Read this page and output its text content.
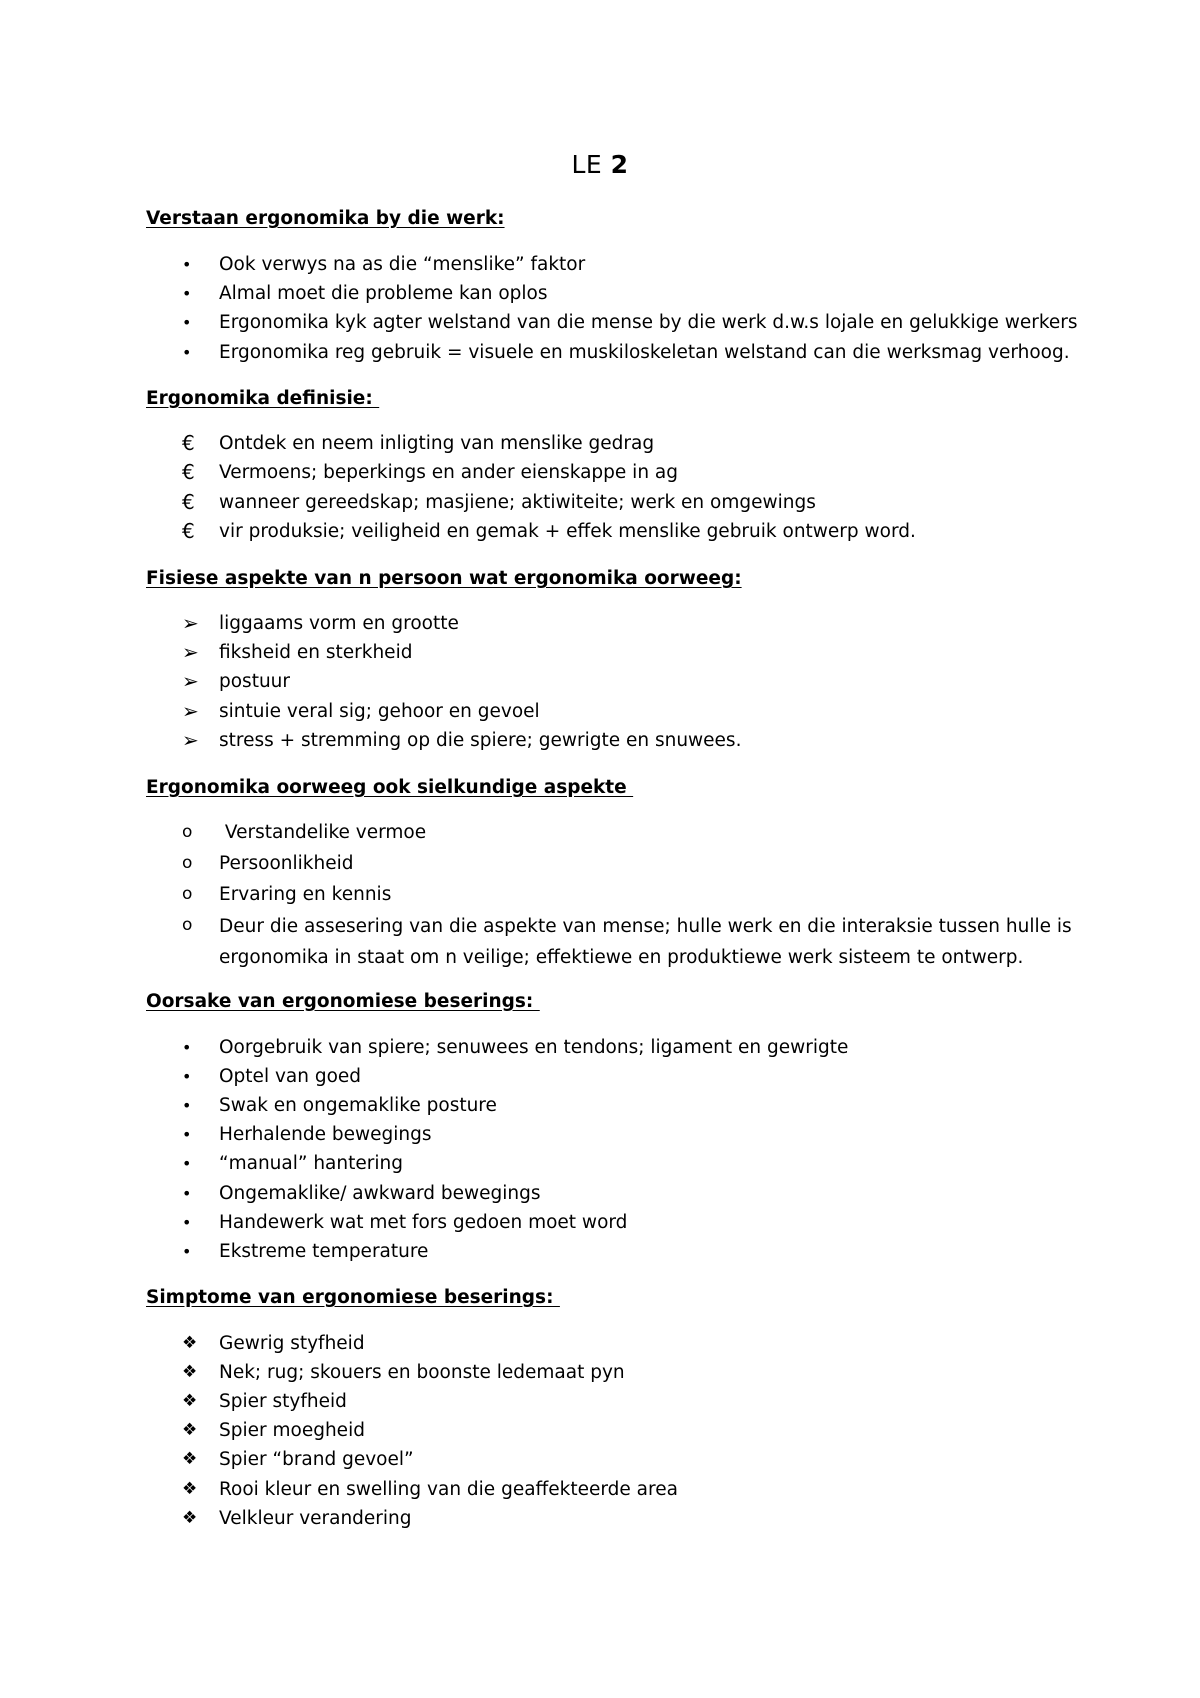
LE 2
Verstaan ergonomika by die werk:
•	Ook verwys na as die “menslike” faktor
•	Almal moet die probleme kan oplos
•	Ergonomika kyk agter welstand van die mense by die werk d.w.s lojale en gelukkige werkers
•	Ergonomika reg gebruik = visuele en muskiloskeletan welstand can die werksmag verhoog.
Ergonomika definisie:
€	Ontdek en neem inligting van menslike gedrag
€	Vermoens; beperkings en ander eienskappe in ag
€	wanneer gereedskap; masjiene; aktiwiteite; werk en omgewings
€	vir produksie; veiligheid en gemak + effek menslike gebruik ontwerp word.
Fisiese aspekte van n persoon wat ergonomika oorweeg:
➢ liggaams vorm en grootte
➢ fiksheid en sterkheid
➢ postuur
➢ sintuie veral sig; gehoor en gevoel
➢ stress + stremming op die spiere; gewrigte en snuwees.
Ergonomika oorweeg ook sielkundige aspekte
o	Verstandelike vermoe
o	Persoonlikheid
o	Ervaring en kennis
o	Deur die assesering van die aspekte van mense; hulle werk en die interaksie tussen hulle is
ergonomika in staat om n veilige; effektiewe en produktiewe werk sisteem te ontwerp.
Oorsake van ergonomiese beserings:
•	Oorgebruik van spiere; senuwees en tendons; ligament en gewrigte
•	Optel van goed
•	Swak en ongemaklike posture
•	Herhalende bewegings
•	“manual” hantering
•	Ongemaklike/ awkward bewegings
•	Handewerk wat met fors gedoen moet word
•	Ekstreme temperature
Simptome van ergonomiese beserings:
❖	Gewrig styfheid
❖	Nek; rug; skouers en boonste ledemaat pyn
❖	Spier styfheid
❖	Spier moegheid
❖	Spier “brand gevoel”
❖	Rooi kleur en swelling van die geaffekteerde area
❖	Velkleur verandering
